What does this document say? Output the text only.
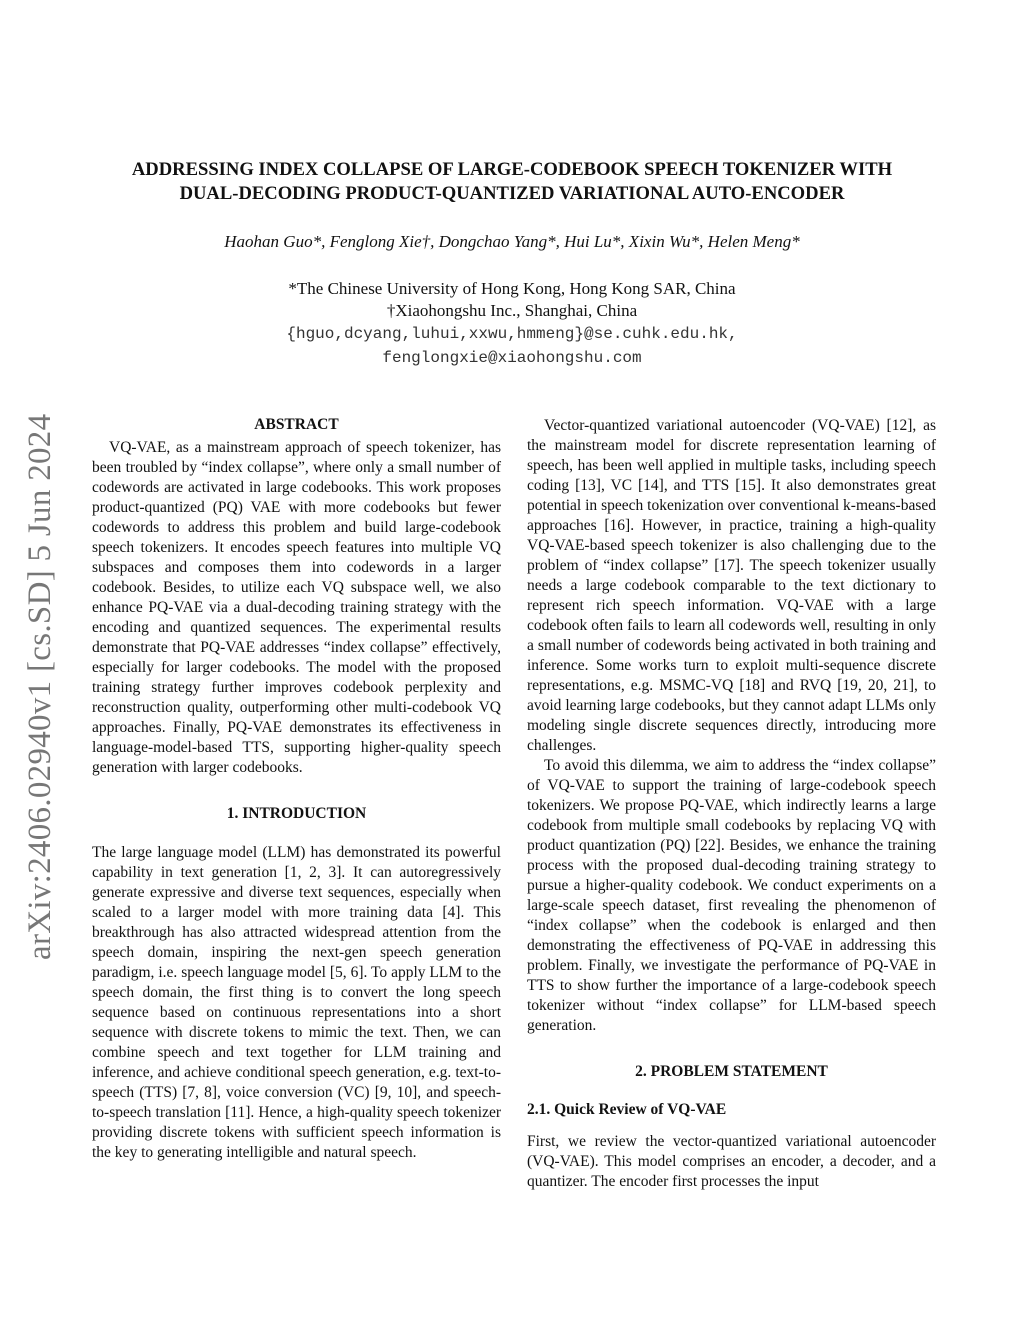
arXiv:2406.02940v1 [cs.SD] 5 Jun 2024
ADDRESSING INDEX COLLAPSE OF LARGE-CODEBOOK SPEECH TOKENIZER WITH
DUAL-DECODING PRODUCT-QUANTIZED VARIATIONAL AUTO-ENCODER
Haohan Guo*, Fenglong Xie†, Dongchao Yang*, Hui Lu*, Xixin Wu*, Helen Meng*
*The Chinese University of Hong Kong, Hong Kong SAR, China
†Xiaohongshu Inc., Shanghai, China
{hguo,dcyang,luhui,xxwu,hmmeng}@se.cuhk.edu.hk,
fenglongxie@xiaohongshu.com
ABSTRACT

VQ-VAE, as a mainstream approach of speech tokenizer, has been troubled by “index collapse”, where only a small number of codewords are activated in large codebooks. This work proposes product-quantized (PQ) VAE with more codebooks but fewer codewords to address this problem and build large-codebook speech tokenizers. It encodes speech features into multiple VQ subspaces and composes them into codewords in a larger codebook. Besides, to utilize each VQ subspace well, we also enhance PQ-VAE via a dual-decoding training strategy with the encoding and quantized sequences. The experimental results demonstrate that PQ-VAE addresses “index collapse” effectively, especially for larger codebooks. The model with the proposed training strategy further improves codebook perplexity and reconstruction quality, outperforming other multi-codebook VQ approaches. Finally, PQ-VAE demonstrates its effectiveness in language-model-based TTS, supporting higher-quality speech generation with larger codebooks.

1. INTRODUCTION

The large language model (LLM) has demonstrated its powerful capability in text generation [1, 2, 3]. It can autoregressively generate expressive and diverse text sequences, especially when scaled to a larger model with more training data [4]. This breakthrough has also attracted widespread attention from the speech domain, inspiring the next-gen speech generation paradigm, i.e. speech language model [5, 6]. To apply LLM to the speech domain, the first thing is to convert the long speech sequence based on continuous representations into a short sequence with discrete tokens to mimic the text. Then, we can combine speech and text together for LLM training and inference, and achieve conditional speech generation, e.g. text-to-speech (TTS) [7, 8], voice conversion (VC) [9, 10], and speech-to-speech translation [11]. Hence, a high-quality speech tokenizer providing discrete tokens with sufficient speech information is the key to generating intelligible and natural speech.

Vector-quantized variational autoencoder (VQ-VAE) [12], as the mainstream model for discrete representation learning of speech, has been well applied in multiple tasks, including speech coding [13], VC [14], and TTS [15]. It also demonstrates great potential in speech tokenization over conventional k-means-based approaches [16]. However, in practice, training a high-quality VQ-VAE-based speech tokenizer is also challenging due to the problem of “index collapse” [17]. The speech tokenizer usually needs a large codebook comparable to the text dictionary to represent rich speech information. VQ-VAE with a large codebook often fails to learn all codewords well, resulting in only a small number of codewords being activated in both training and inference. Some works turn to exploit multi-sequence discrete representations, e.g. MSMC-VQ [18] and RVQ [19, 20, 21], to avoid learning large codebooks, but they cannot adapt LLMs only modeling single discrete sequences directly, introducing more challenges.

To avoid this dilemma, we aim to address the “index collapse” of VQ-VAE to support the training of large-codebook speech tokenizers. We propose PQ-VAE, which indirectly learns a large codebook from multiple small codebooks by replacing VQ with product quantization (PQ) [22]. Besides, we enhance the training process with the proposed dual-decoding training strategy to pursue a higher-quality codebook. We conduct experiments on a large-scale speech dataset, first revealing the phenomenon of “index collapse” when the codebook is enlarged and then demonstrating the effectiveness of PQ-VAE in addressing this problem. Finally, we investigate the performance of PQ-VAE in TTS to show further the importance of a large-codebook speech tokenizer without “index collapse” for LLM-based speech generation.

2. PROBLEM STATEMENT
2.1. Quick Review of VQ-VAE

First, we review the vector-quantized variational autoencoder (VQ-VAE). This model comprises an encoder, a decoder, and a quantizer. The encoder first processes the input
